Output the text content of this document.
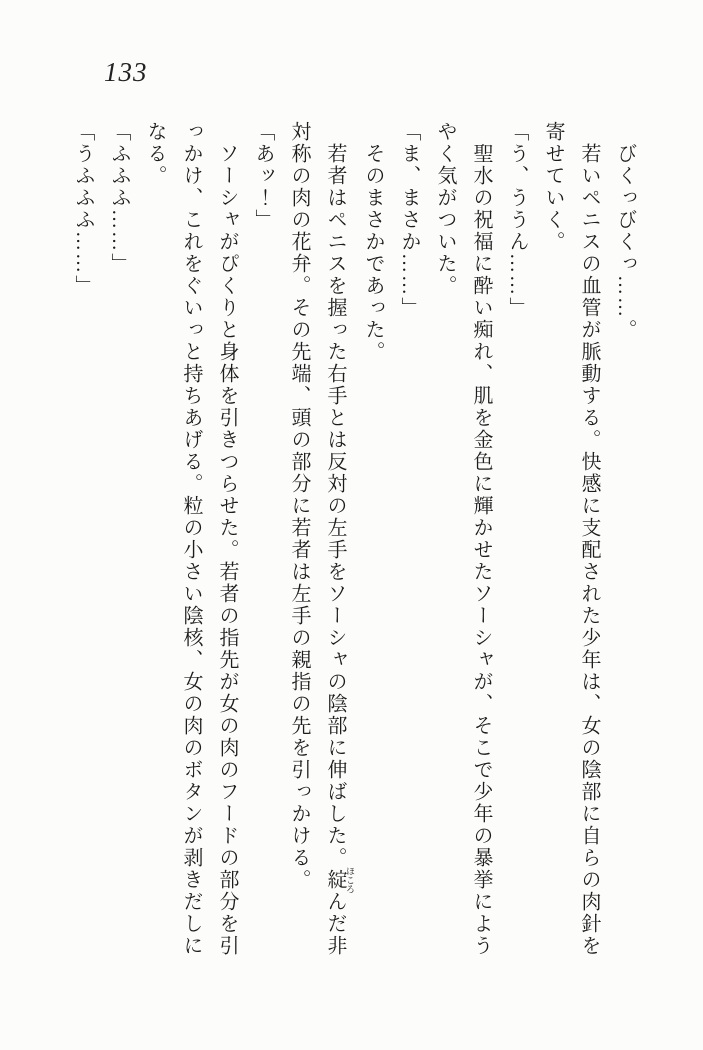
133

　びくっびくっ……。

　若いペニスの血管が脈動する。快感に支配された少年は、女の陰部に自らの肉針を

寄せていく。

「う、ううん……」

　聖水の祝福に酔い痴れ、肌を金色に輝かせたソーシャが、そこで少年の暴挙によう

やく気がついた。

「ま、まさか……」

　そのまさかであった。

　若者はペニスを握った右手とは反対の左手をソーシャの陰部に伸ばした。綻 ほころんだ非

対称の肉の花弁。その先端、頭の部分に若者は左手の親指の先を引っかける。

「あッ！」

　ソーシャがぴくりと身体を引きつらせた。若者の指先が女の肉のフードの部分を引

っかけ、これをぐいっと持ちあげる。粒の小さい陰核、女の肉のボタンが剥きだしに

なる。

「ふふふ……」

「うふふふ……」
